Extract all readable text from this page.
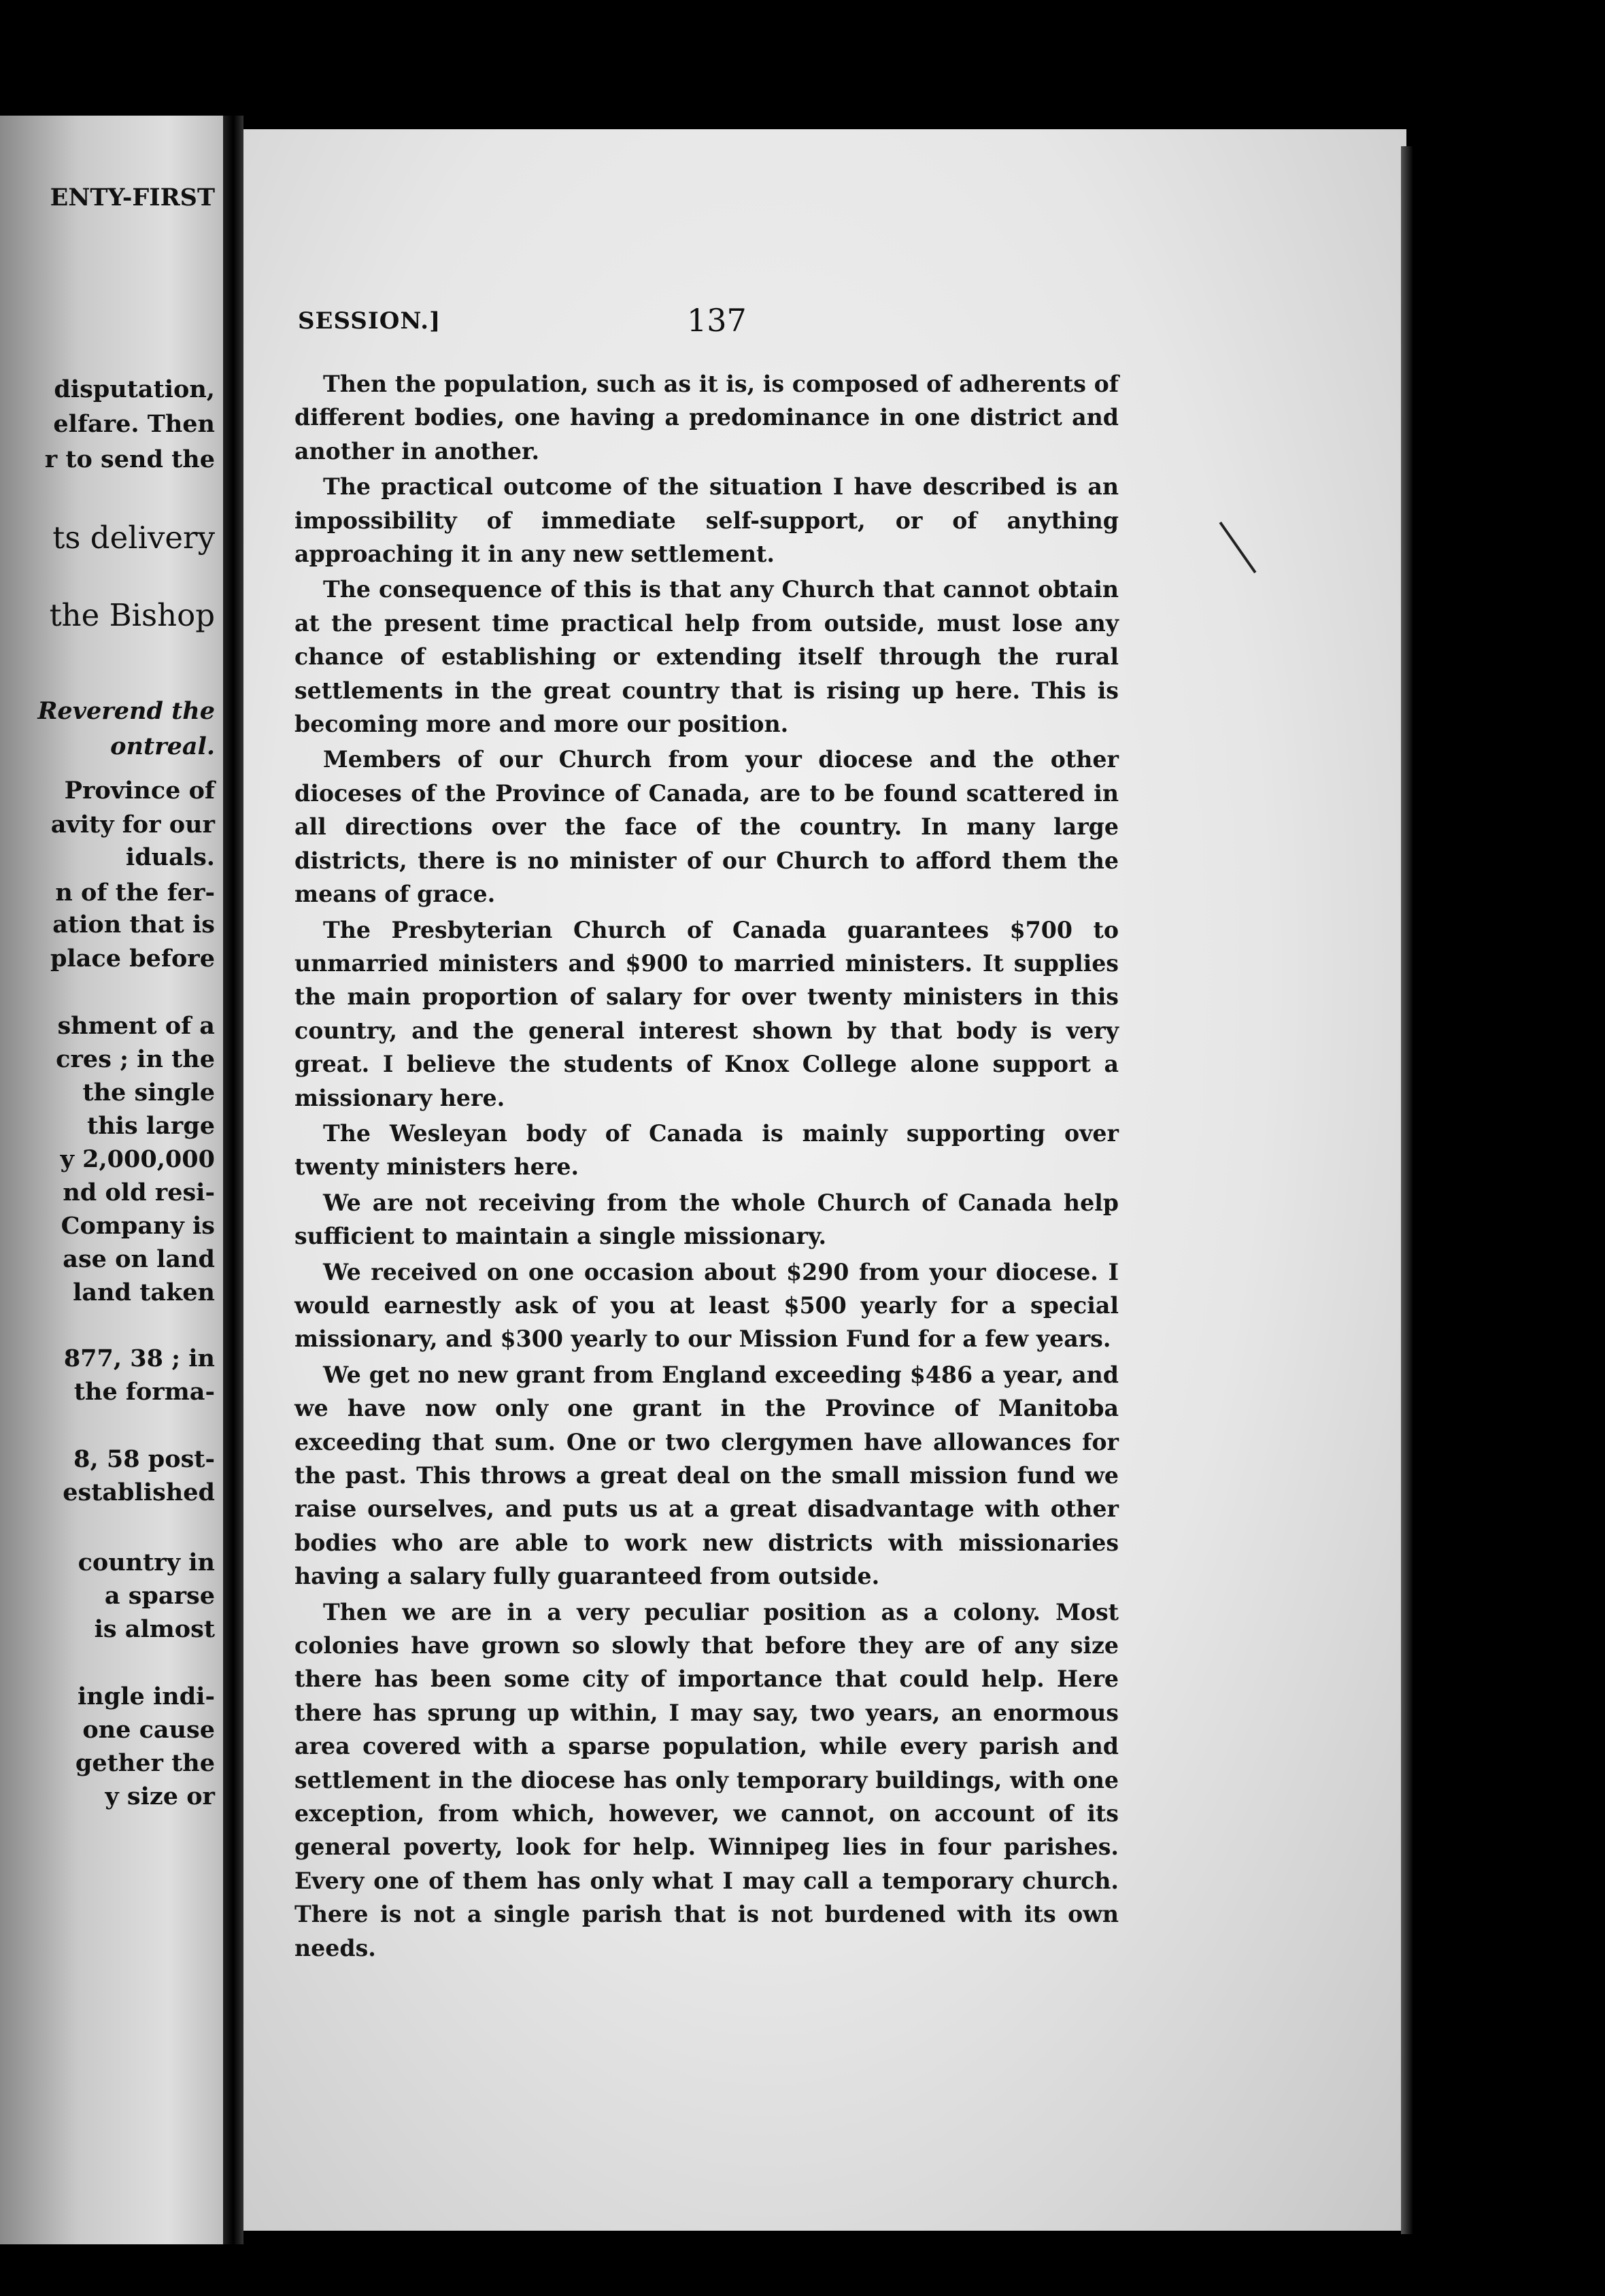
ENTY-FIRST
disputation,
elfare. Then
r to send the
ts delivery
the Bishop
Reverend the
ontreal.
Province of
avity for our
iduals.
n of the fer-
ation that is
place before
shment of a
cres ; in the
the single
this large
y 2,000,000
nd old resi-
Company is
ase on land
land taken
877, 38 ; in
the forma-
8, 58 post-
established
country in
a sparse
is almost
ingle indi-
one cause
gether the
y size or
SESSION.]	137

Then the population, such as it is, is composed of adherents of different bodies, one having a predominance in one district and another in another.

The practical outcome of the situation I have described is an impossibility of immediate self-support, or of anything approaching it in any new settlement.

The consequence of this is that any Church that cannot obtain at the present time practical help from outside, must lose any chance of establishing or extending itself through the rural settlements in the great country that is rising up here. This is becoming more and more our position.

Members of our Church from your diocese and the other dioceses of the Province of Canada, are to be found scattered in all directions over the face of the country. In many large districts, there is no minister of our Church to afford them the means of grace.

The Presbyterian Church of Canada guarantees $700 to unmarried ministers and $900 to married ministers. It supplies the main proportion of salary for over twenty ministers in this country, and the general interest shown by that body is very great. I believe the students of Knox College alone support a missionary here.

The Wesleyan body of Canada is mainly supporting over twenty ministers here.

We are not receiving from the whole Church of Canada help sufficient to maintain a single missionary.

We received on one occasion about $290 from your diocese. I would earnestly ask of you at least $500 yearly for a special missionary, and $300 yearly to our Mission Fund for a few years.

We get no new grant from England exceeding $486 a year, and we have now only one grant in the Province of Manitoba exceeding that sum. One or two clergymen have allowances for the past. This throws a great deal on the small mission fund we raise ourselves, and puts us at a great disadvantage with other bodies who are able to work new districts with missionaries having a salary fully guaranteed from outside.

Then we are in a very peculiar position as a colony. Most colonies have grown so slowly that before they are of any size there has been some city of importance that could help. Here there has sprung up within, I may say, two years, an enormous area covered with a sparse population, while every parish and settlement in the diocese has only temporary buildings, with one exception, from which, however, we cannot, on account of its general poverty, look for help. Winnipeg lies in four parishes. Every one of them has only what I may call a temporary church. There is not a single parish that is not burdened with its own needs.
